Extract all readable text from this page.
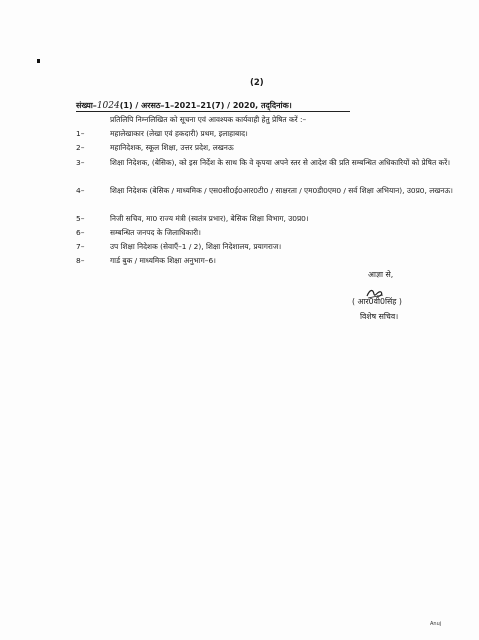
(2)
संख्या–1024(1) / अरसठ–1–2021–21(7) / 2020, तद्‌दिनांक।
प्रतिलिपि निम्नलिखित को सूचना एवं आवश्यक कार्यवाही हेतु प्रेषित करें :–
1–	महालेखाकार (लेखा एवं हकदारी) प्रथम, इलाहाबाद।
2–	महानिदेशक, स्कूल शिक्षा, उत्तर प्रदेश, लखनऊ
3–	शिक्षा निदेशक, (बेसिक), को इस निर्देश के साथ कि वे कृपया अपने स्तर से आदेश की प्रति सम्बन्धित अधिकारियों को प्रेषित करें।
4–	शिक्षा निदेशक (बेसिक / माध्यमिक / एस0सी0ई0आर0टी0 / साक्षरता / एम0डी0एम0 / सर्व शिक्षा अभियान), उ0प्र0, लखनऊ।
5–	निजी सचिव, मा0 राज्य मंत्री (स्वतंत्र प्रभार), बेसिक शिक्षा विभाग, उ0प्र0।
6–	सम्बन्धित जनपद के जिलाधिकारी।
7–	उप शिक्षा निदेशक (सेवाएँ–1 / 2), शिक्षा निदेशालय, प्रयागराज।
8–	गार्ड बुक / माध्यमिक शिक्षा अनुभाग–6।
आज्ञा से,
( आर0वी0सिंह )
विशेष सचिव।
Anuj
